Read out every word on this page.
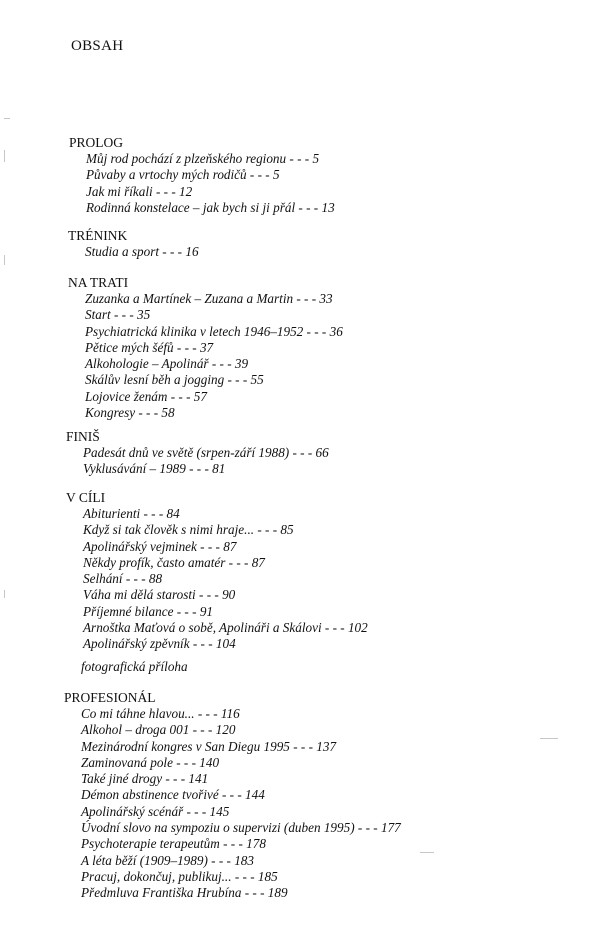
OBSAH
PROLOG
Můj rod pochází z plzeňského regionu - - - 5
Půvaby a vrtochy mých rodičů - - - 5
Jak mi říkali - - - 12
Rodinná konstelace – jak bych si ji přál - - - 13
TRÉNINK
Studia a sport - - - 16
NA TRATI
Zuzanka a Martínek – Zuzana a Martin - - - 33
Start - - - 35
Psychiatrická klinika v letech 1946–1952 - - - 36
Pětice mých šéfů - - - 37
Alkohologie – Apolinář - - - 39
Skálův lesní běh a jogging - - - 55
Lojovice ženám - - - 57
Kongresy - - - 58
FINIŠ
Padesát dnů ve světě (srpen-září 1988) - - - 66
Vyklusávání – 1989 - - - 81
V CÍLI
Abiturienti - - - 84
Když si tak člověk s nimi hraje... - - - 85
Apolinářský vejminek - - - 87
Někdy profík, často amatér - - - 87
Selhání - - - 88
Váha mi dělá starosti - - - 90
Příjemné bilance - - - 91
Arnoštka Maťová o sobě, Apolináři a Skálovi - - - 102
Apolinářský zpěvník - - - 104
fotografická příloha
PROFESIONÁL
Co mi táhne hlavou... - - - 116
Alkohol – droga 001 - - - 120
Mezinárodní kongres v San Diegu 1995 - - - 137
Zaminovaná pole - - - 140
Také jiné drogy - - - 141
Démon abstinence tvořivé - - - 144
Apolinářský scénář - - - 145
Úvodní slovo na sympoziu o supervizi (duben 1995) - - - 177
Psychoterapie terapeutům - - - 178
A léta běží (1909–1989) - - - 183
Pracuj, dokončuj, publikuj... - - - 185
Předmluva Františka Hrubína - - - 189
